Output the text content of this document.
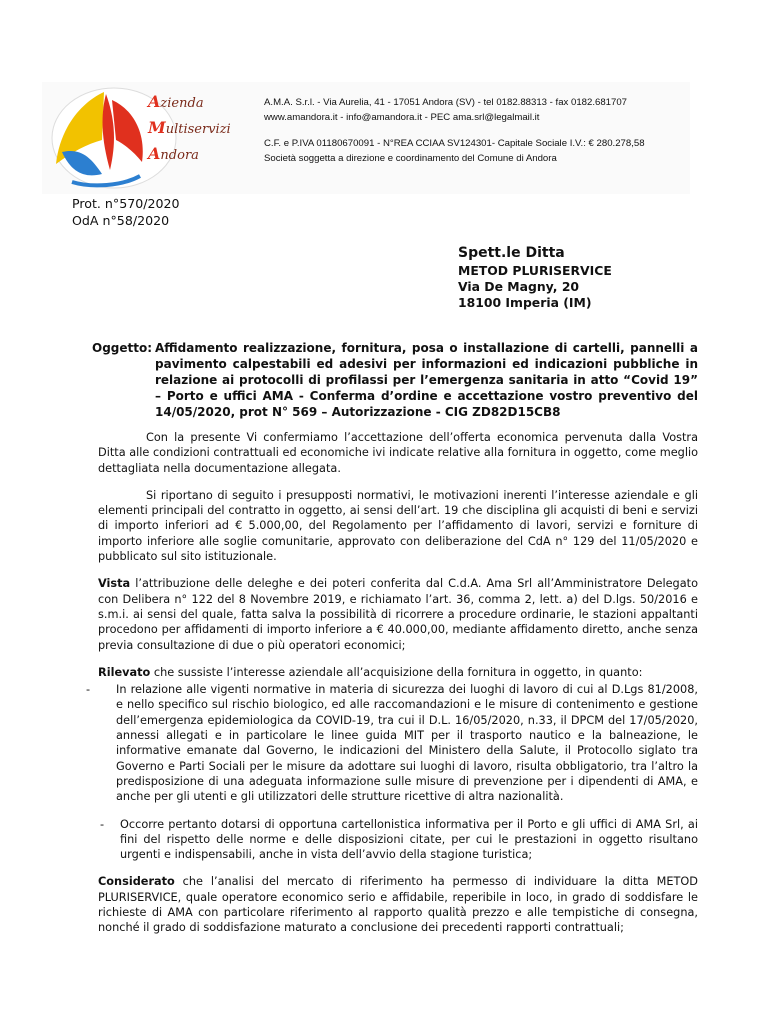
Azienda
Multiservizi
Andora
A.M.A. S.r.l. - Via Aurelia, 41 - 17051 Andora (SV) - tel 0182.88313 - fax 0182.681707
www.amandora.it - info@amandora.it - PEC ama.srl@legalmail.it
C.F. e P.IVA 01180670091 - N°REA CCIAA SV124301- Capitale Sociale I.V.: € 280.278,58
Società soggetta a direzione e coordinamento del Comune di Andora
Prot. n°570/2020
OdA n°58/2020
Spett.le Ditta
METOD PLURISERVICE
Via De Magny, 20
18100 Imperia (IM)
Oggetto: Affidamento realizzazione, fornitura, posa o installazione di cartelli, pannelli a pavimento calpestabili ed adesivi per informazioni ed indicazioni pubbliche in relazione ai protocolli di profilassi per l’emergenza sanitaria in atto “Covid 19” – Porto e uffici AMA - Conferma d’ordine e accettazione vostro preventivo del 14/05/2020, prot N° 569 – Autorizzazione - CIG ZD82D15CB8

Con la presente Vi confermiamo l’accettazione dell’offerta economica pervenuta dalla Vostra Ditta alle condizioni contrattuali ed economiche ivi indicate relative alla fornitura in oggetto, come meglio dettagliata nella documentazione allegata.

Si riportano di seguito i presupposti normativi, le motivazioni inerenti l’interesse aziendale e gli elementi principali del contratto in oggetto, ai sensi dell’art. 19 che disciplina gli acquisti di beni e servizi di importo inferiori ad € 5.000,00, del Regolamento per l’affidamento di lavori, servizi e forniture di importo inferiore alle soglie comunitarie, approvato con deliberazione del CdA n° 129 del 11/05/2020 e pubblicato sul sito istituzionale.

Vista l’attribuzione delle deleghe e dei poteri conferita dal C.d.A. Ama Srl all’Amministratore Delegato con Delibera n° 122 del 8 Novembre 2019, e richiamato l’art. 36, comma 2, lett. a) del D.lgs. 50/2016 e s.m.i. ai sensi del quale, fatta salva la possibilità di ricorrere a procedure ordinarie, le stazioni appaltanti procedono per affidamenti di importo inferiore a € 40.000,00, mediante affidamento diretto, anche senza previa consultazione di due o più operatori economici;

Rilevato che sussiste l’interesse aziendale all’acquisizione della fornitura in oggetto, in quanto:

- In relazione alle vigenti normative in materia di sicurezza dei luoghi di lavoro di cui al D.Lgs 81/2008, e nello specifico sul rischio biologico, ed alle raccomandazioni e le misure di contenimento e gestione dell’emergenza epidemiologica da COVID-19, tra cui il D.L. 16/05/2020, n.33, il DPCM del 17/05/2020, annessi allegati e in particolare le linee guida MIT per il trasporto nautico e la balneazione, le informative emanate dal Governo, le indicazioni del Ministero della Salute, il Protocollo siglato tra Governo e Parti Sociali per le misure da adottare sui luoghi di lavoro, risulta obbligatorio, tra l’altro la predisposizione di una adeguata informazione sulle misure di prevenzione per i dipendenti di AMA, e anche per gli utenti e gli utilizzatori delle strutture ricettive di altra nazionalità.
- Occorre pertanto dotarsi di opportuna cartellonistica informativa per il Porto e gli uffici di AMA Srl, ai fini del rispetto delle norme e delle disposizioni citate, per cui le prestazioni in oggetto risultano urgenti e indispensabili, anche in vista dell’avvio della stagione turistica;

Considerato che l’analisi del mercato di riferimento ha permesso di individuare la ditta METOD PLURISERVICE, quale operatore economico serio e affidabile, reperibile in loco, in grado di soddisfare le richieste di AMA con particolare riferimento al rapporto qualità prezzo e alle tempistiche di consegna, nonché il grado di soddisfazione maturato a conclusione dei precedenti rapporti contrattuali;
